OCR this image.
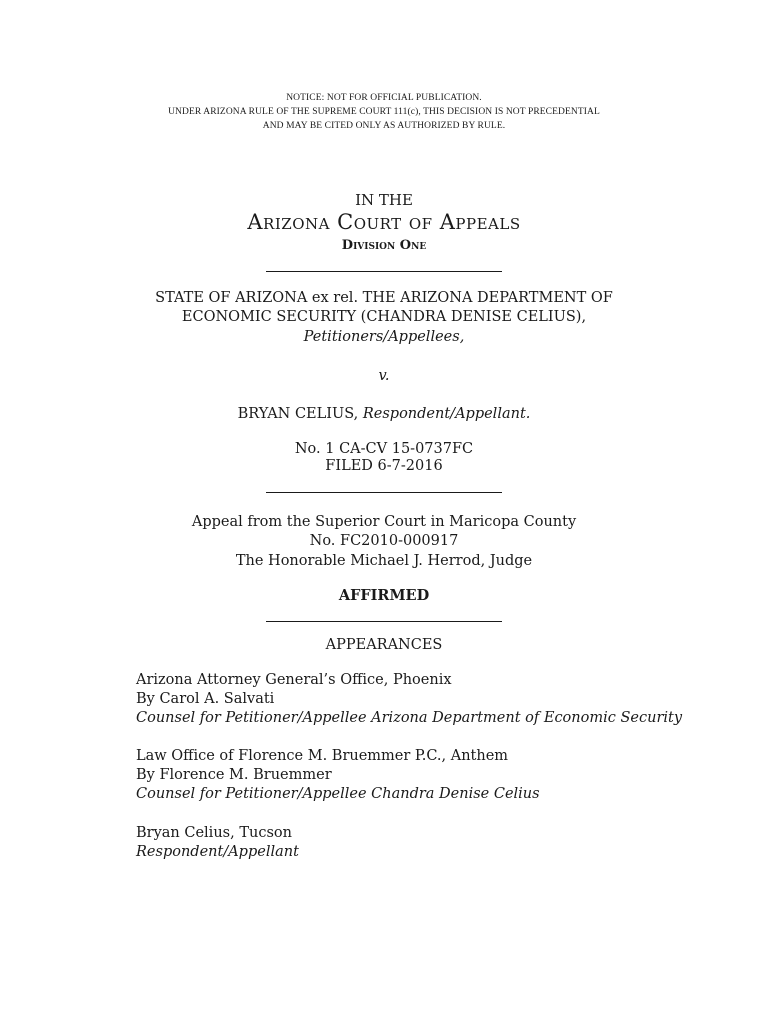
NOTICE: NOT FOR OFFICIAL PUBLICATION.
UNDER ARIZONA RULE OF THE SUPREME COURT 111(c), THIS DECISION IS NOT PRECEDENTIAL
AND MAY BE CITED ONLY AS AUTHORIZED BY RULE.
IN THE
Arizona Court of Appeals
Division One
STATE OF ARIZONA ex rel. THE ARIZONA DEPARTMENT OF
ECONOMIC SECURITY (CHANDRA DENISE CELIUS),
Petitioners/Appellees,
v.
BRYAN CELIUS, Respondent/Appellant.
No. 1 CA-CV 15-0737FC
FILED 6-7-2016
Appeal from the Superior Court in Maricopa County
No. FC2010-000917
The Honorable Michael J. Herrod, Judge
AFFIRMED
APPEARANCES
Arizona Attorney General’s Office, Phoenix
By Carol A. Salvati
Counsel for Petitioner/Appellee Arizona Department of Economic Security
Law Office of Florence M. Bruemmer P.C., Anthem
By Florence M. Bruemmer
Counsel for Petitioner/Appellee Chandra Denise Celius
Bryan Celius, Tucson
Respondent/Appellant
